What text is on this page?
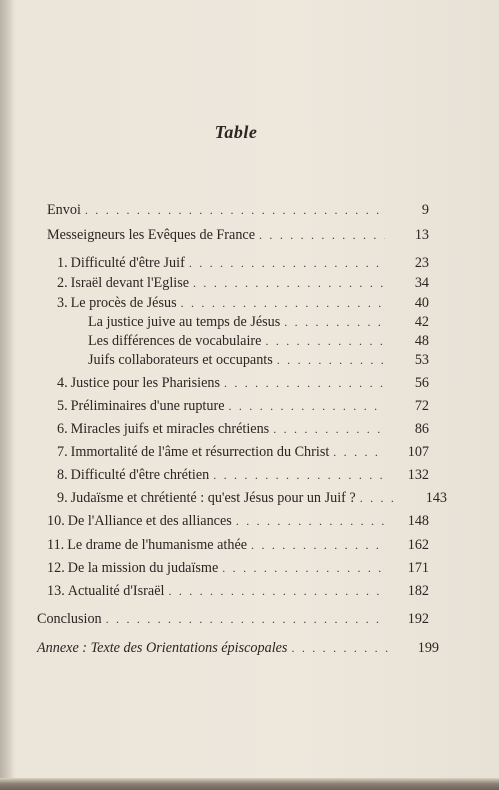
Table
Envoi . . .	9
Messeigneurs les Evêques de France . . .	13
1. Difficulté d'être Juif . . .	23
2. Israël devant l'Eglise . . .	34
3. Le procès de Jésus . . .	40
La justice juive au temps de Jésus . . .	42
Les différences de vocabulaire . . .	48
Juifs collaborateurs et occupants . . .	53
4. Justice pour les Pharisiens . . .	56
5. Préliminaires d'une rupture . . .	72
6. Miracles juifs et miracles chrétiens . . .	86
7. Immortalité de l'âme et résurrection du Christ . . .	107
8. Difficulté d'être chrétien . . .	132
9. Judaïsme et chrétienté : qu'est Jésus pour un Juif ? . . .	143
10. De l'Alliance et des alliances . . .	148
11. Le drame de l'humanisme athée . . .	162
12. De la mission du judaïsme . . .	171
13. Actualité d'Israël . . .	182
Conclusion . . .	192
Annexe : Texte des Orientations épiscopales . . .	199
